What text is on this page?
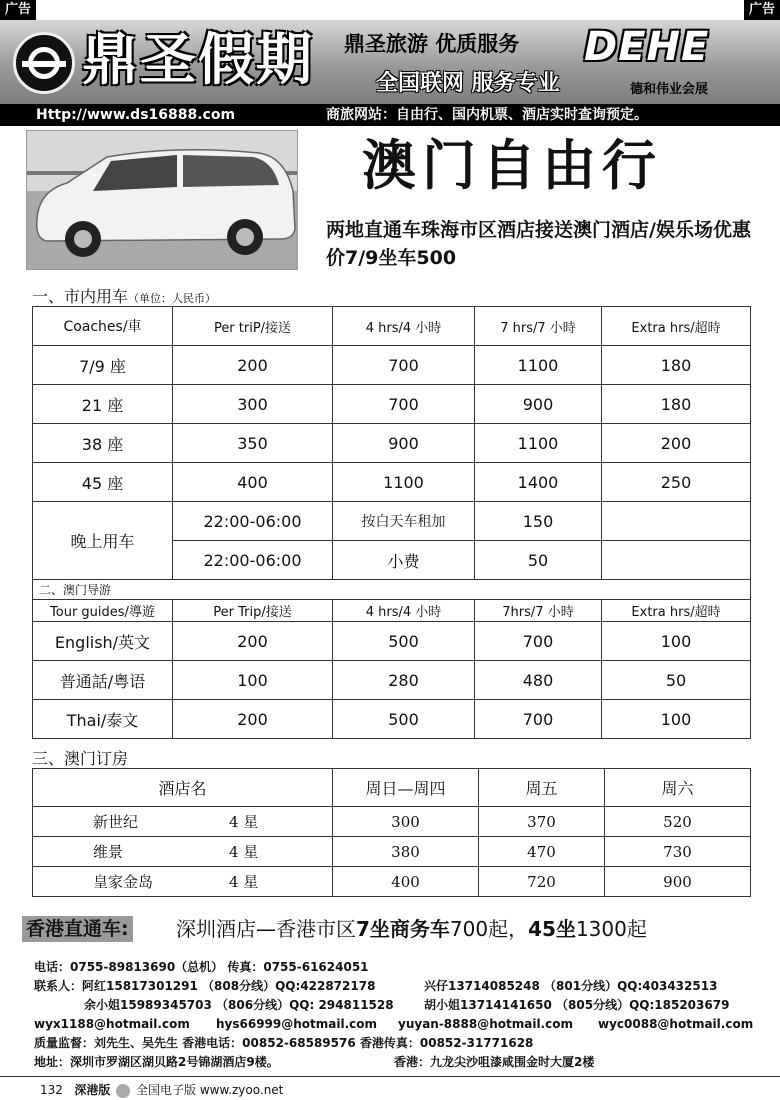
广告	广告
鼎圣假期 鼎圣旅游 优质服务
全国联网 服务专业
DEHE
德和伟业会展
Http://www.ds16888.com	商旅网站：自由行、国内机票、酒店实时查询预定。
澳门自由行
两地直通车珠海市区酒店接送澳门酒店/娱乐场优惠价7/9坐车500
一、市内用车（单位：人民币）
Coaches/車	Per triP/接送	4 hrs/4 小時	7 hrs/7 小時	Extra hrs/超時
7/9 座	200	700	1100	180
21 座	300	700	900	180
38 座	350	900	1100	200
45 座	400	1100	1400	250
晚上用车	22:00-06:00	按白天车租加	150	
	22:00-06:00	小费	50	
二、澳门导游				
Tour guides/導遊	Per Trip/接送	4 hrs/4 小時	7hrs/7 小時	Extra hrs/超時
English/英文	200	500	700	100
普通話/粤语	100	280	480	50
Thai/泰文	200	500	700	100
三、澳门订房
酒店名	周日—周四	周五	周六
新世纪 4 星	300	370	520
维景 4 星	380	470	730
皇家金岛 4 星	400	720	900
香港直通车: 深圳酒店—香港市区7坐商务车700起，45坐1300起
电话：0755-89813690（总机） 传真：0755-61624051
联系人：阿红15817301291 （808分线）QQ:422872178	兴仔13714085248 （801分线）QQ:403432513
余小姐15989345703 （806分线）QQ: 294811528	胡小姐13714141650 （805分线）QQ:185203679
wyx1188@hotmail.com hys66999@hotmail.com yuyan-8888@hotmail.com wyc0088@hotmail.com
质量监督：刘先生、吴先生 香港电话：00852-68589576 香港传真：00852-31771628
地址：深圳市罗湖区湖贝路2号锦湖酒店9楼。	香港：九龙尖沙咀漆咸围金时大厦2楼
132 深港版 全国电子版 www.zyoo.net
